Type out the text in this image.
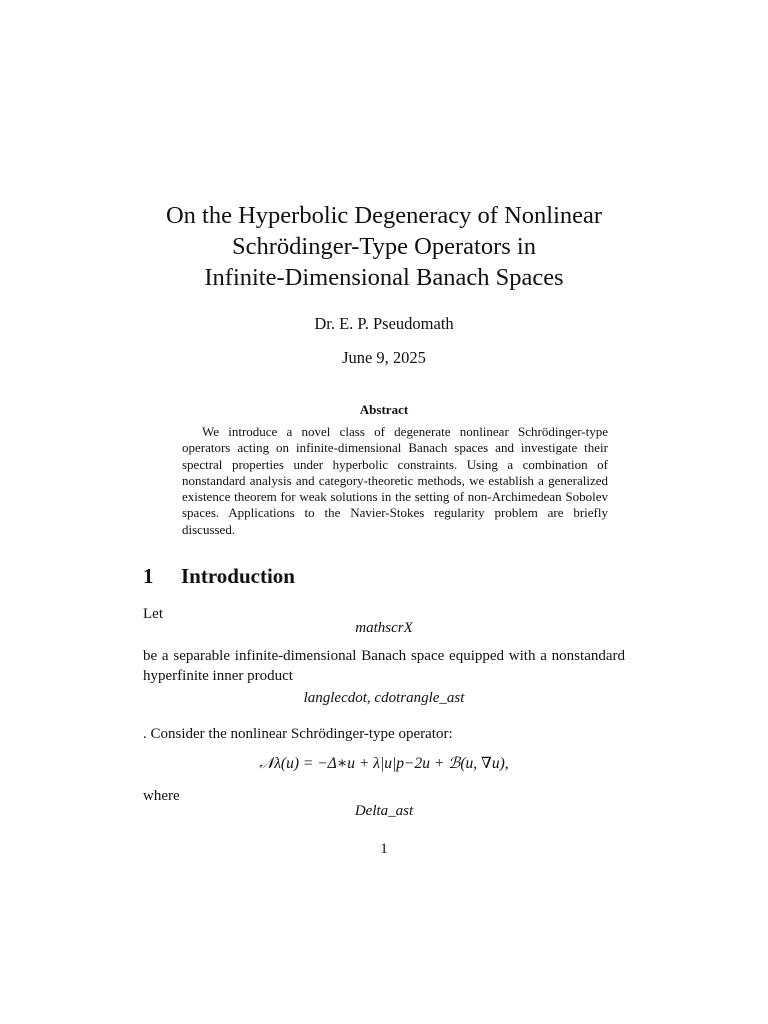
On the Hyperbolic Degeneracy of Nonlinear
Schrödinger-Type Operators in
Infinite-Dimensional Banach Spaces
Dr. E. P. Pseudomath
June 9, 2025
Abstract
We introduce a novel class of degenerate nonlinear Schrödinger-type operators acting on infinite-dimensional Banach spaces and investigate their spectral properties under hyperbolic constraints. Using a combination of nonstandard analysis and category-theoretic methods, we establish a generalized existence theorem for weak solutions in the setting of non-Archimedean Sobolev spaces. Applications to the Navier-Stokes regularity problem are briefly discussed.
1 Introduction
Let
mathscrX
be a separable infinite-dimensional Banach space equipped with a nonstandard hyperfinite inner product
langlecdot, cdotrangle_ast
. Consider the nonlinear Schrödinger-type operator:
𝒩λ(u) = −Δ∗u + λ|u|p−2u + ℬ(u, ∇u),
where
Delta_ast
1
